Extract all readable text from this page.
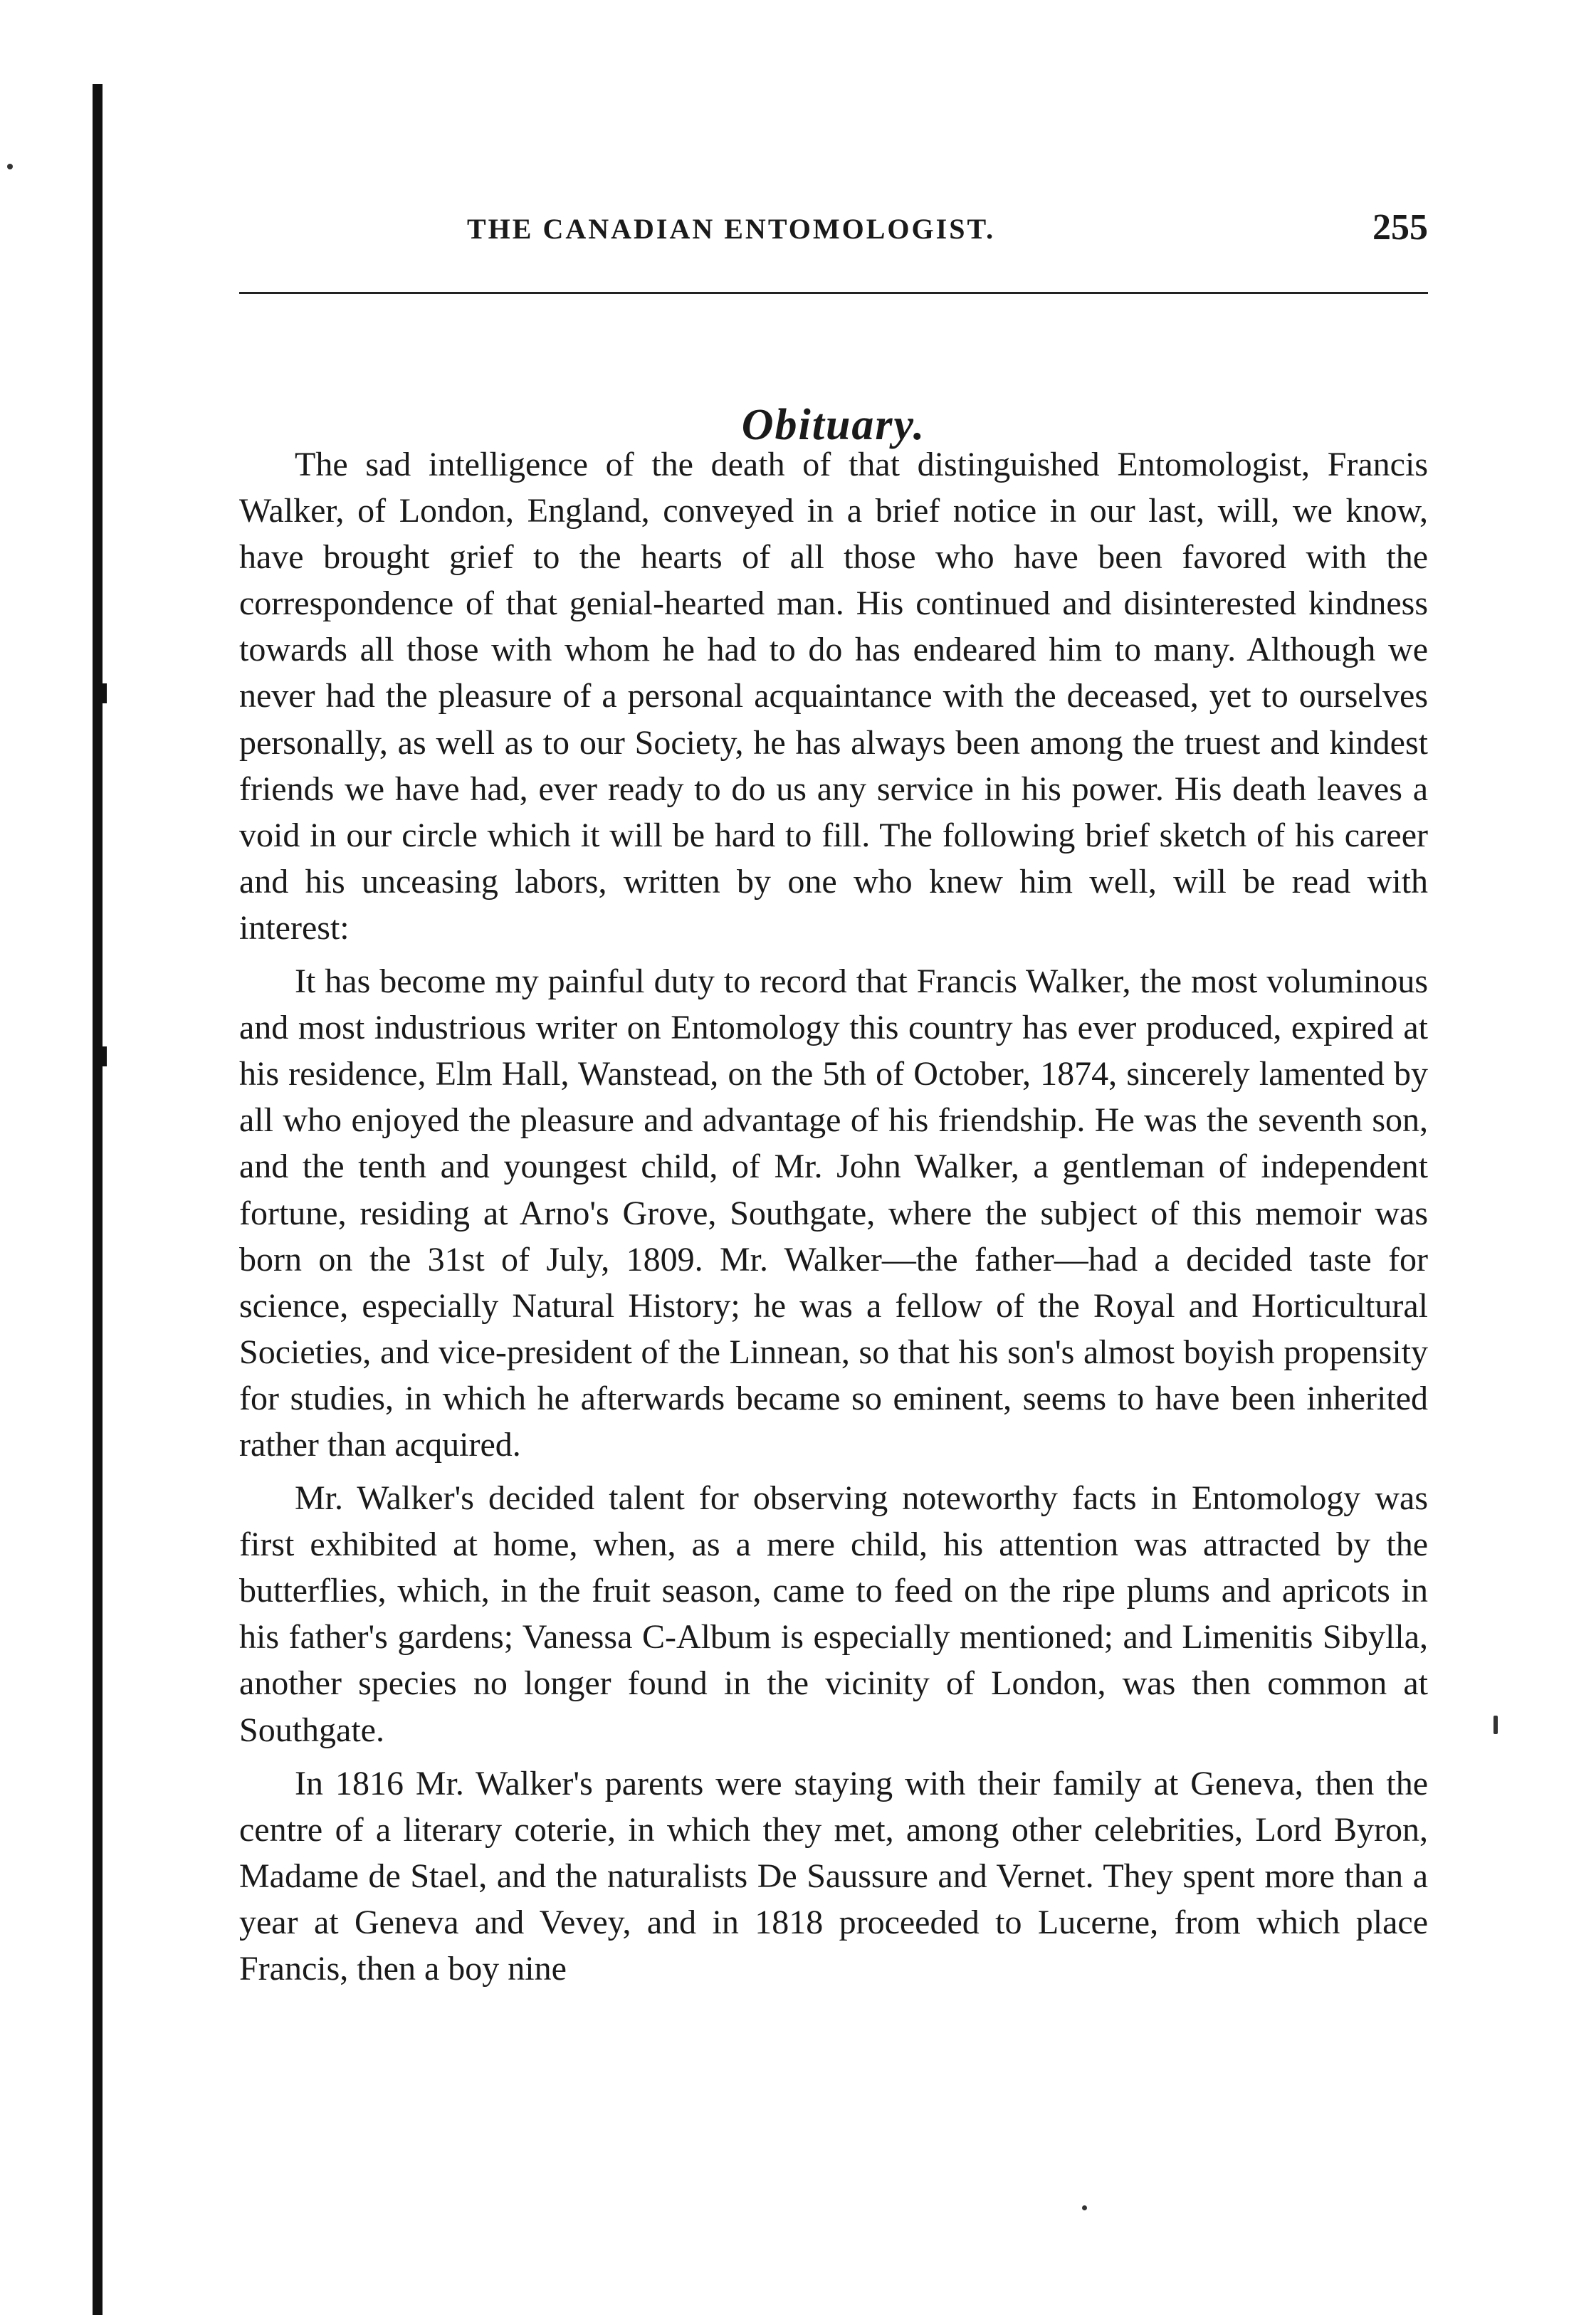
THE CANADIAN ENTOMOLOGIST.	255
Obituary.

The sad intelligence of the death of that distinguished Entomologist, Francis Walker, of London, England, conveyed in a brief notice in our last, will, we know, have brought grief to the hearts of all those who have been favored with the correspondence of that genial-hearted man. His continued and disinterested kindness towards all those with whom he had to do has endeared him to many. Although we never had the pleasure of a personal acquaintance with the deceased, yet to ourselves personally, as well as to our Society, he has always been among the truest and kindest friends we have had, ever ready to do us any service in his power. His death leaves a void in our circle which it will be hard to fill. The following brief sketch of his career and his unceasing labors, written by one who knew him well, will be read with interest:

It has become my painful duty to record that Francis Walker, the most voluminous and most industrious writer on Entomology this country has ever produced, expired at his residence, Elm Hall, Wanstead, on the 5th of October, 1874, sincerely lamented by all who enjoyed the pleasure and advantage of his friendship. He was the seventh son, and the tenth and youngest child, of Mr. John Walker, a gentleman of independent fortune, residing at Arno's Grove, Southgate, where the subject of this memoir was born on the 31st of July, 1809. Mr. Walker—the father—had a decided taste for science, especially Natural History; he was a fellow of the Royal and Horticultural Societies, and vice-president of the Linnean, so that his son's almost boyish propensity for studies, in which he afterwards became so eminent, seems to have been inherited rather than acquired.

Mr. Walker's decided talent for observing noteworthy facts in Entomology was first exhibited at home, when, as a mere child, his attention was attracted by the butterflies, which, in the fruit season, came to feed on the ripe plums and apricots in his father's gardens; Vanessa C-Album is especially mentioned; and Limenitis Sibylla, another species no longer found in the vicinity of London, was then common at Southgate.

In 1816 Mr. Walker's parents were staying with their family at Geneva, then the centre of a literary coterie, in which they met, among other celebrities, Lord Byron, Madame de Stael, and the naturalists De Saussure and Vernet. They spent more than a year at Geneva and Vevey, and in 1818 proceeded to Lucerne, from which place Francis, then a boy nine
